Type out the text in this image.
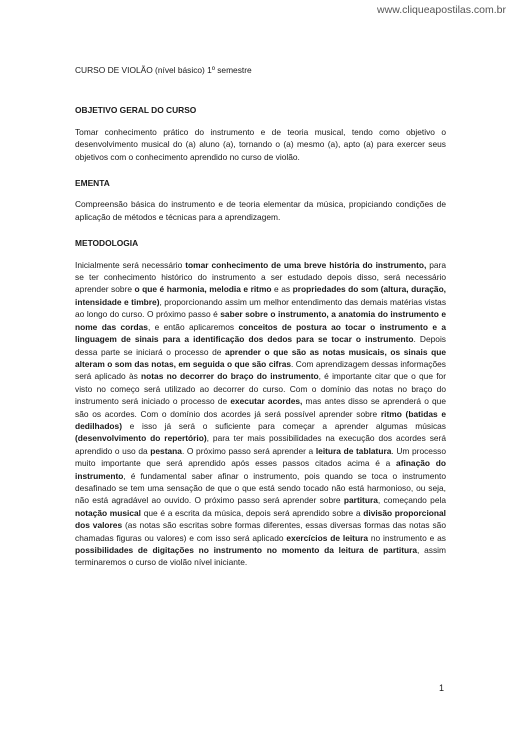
www.cliqueapostilas.com.br

CURSO DE VIOLÃO (nível básico) 1º semestre

OBJETIVO GERAL DO CURSO

Tomar conhecimento prático do instrumento e de teoria musical, tendo como objetivo o desenvolvimento musical do (a) aluno (a), tornando o (a) mesmo (a), apto (a) para exercer seus objetivos com o conhecimento aprendido no curso de violão.

EMENTA

Compreensão básica do instrumento e de teoria elementar da música, propiciando condições de aplicação de métodos e técnicas para a aprendizagem.

METODOLOGIA

Inicialmente será necessário tomar conhecimento de uma breve história do instrumento, para se ter conhecimento histórico do instrumento a ser estudado depois disso, será necessário aprender sobre o que é harmonia, melodia e ritmo e as propriedades do som (altura, duração, intensidade e timbre), proporcionando assim um melhor entendimento das demais matérias vistas ao longo do curso. O próximo passo é saber sobre o instrumento, a anatomia do instrumento e nome das cordas, e então aplicaremos conceitos de postura ao tocar o instrumento e a linguagem de sinais para a identificação dos dedos para se tocar o instrumento. Depois dessa parte se iniciará o processo de aprender o que são as notas musicais, os sinais que alteram o som das notas, em seguida o que são cifras. Com aprendizagem dessas informações será aplicado às notas no decorrer do braço do instrumento, é importante citar que o que for visto no começo será utilizado ao decorrer do curso. Com o domínio das notas no braço do instrumento será iniciado o processo de executar acordes, mas antes disso se aprenderá o que são os acordes. Com o domínio dos acordes já será possível aprender sobre ritmo (batidas e dedilhados) e isso já será o suficiente para começar a aprender algumas músicas (desenvolvimento do repertório), para ter mais possibilidades na execução dos acordes será aprendido o uso da pestana. O próximo passo será aprender a leitura de tablatura. Um processo muito importante que será aprendido após esses passos citados acima é a afinação do instrumento, é fundamental saber afinar o instrumento, pois quando se toca o instrumento desafinado se tem uma sensação de que o que está sendo tocado não está harmonioso, ou seja, não está agradável ao ouvido. O próximo passo será aprender sobre partitura, começando pela notação musical que é a escrita da música, depois será aprendido sobre a divisão proporcional dos valores (as notas são escritas sobre formas diferentes, essas diversas formas das notas são chamadas figuras ou valores) e com isso será aplicado exercícios de leitura no instrumento e as possibilidades de digitações no instrumento no momento da leitura de partitura, assim terminaremos o curso de violão nível iniciante.

1
